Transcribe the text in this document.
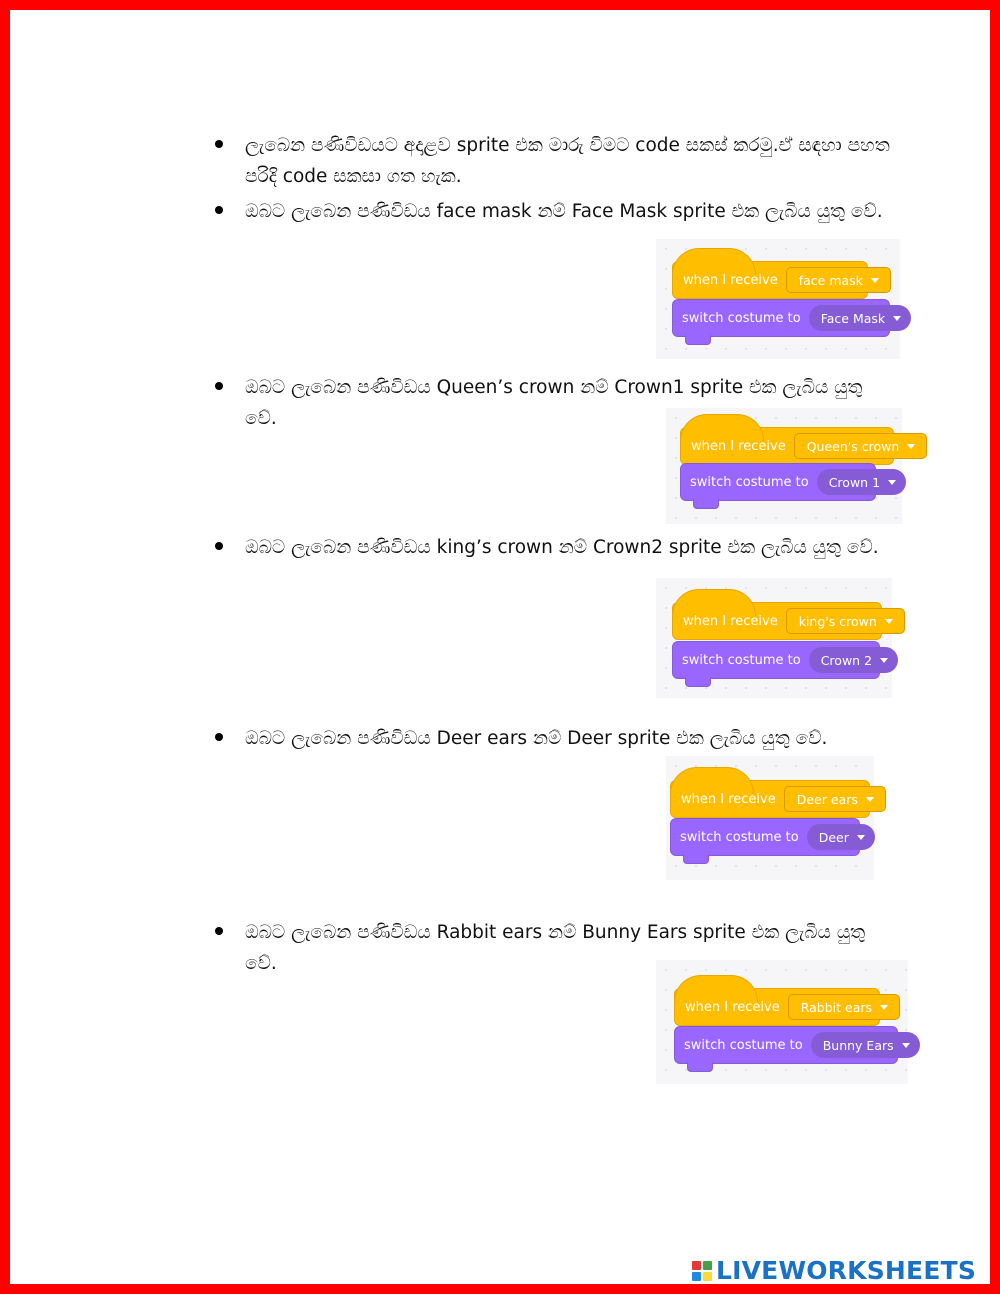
ලැබෙන පණිවිඩයට අදාළව sprite එක මාරු විමට code සකස් කරමු.ඒ සඳහා පහත පරිදි code සකසා ගත හැක.
ඔබට ලැබෙන පණිවිඩය face mask නම් Face Mask sprite එක ලැබිය යුතු වේ.
when I receive face mask
switch costume to Face Mask
ඔබට ලැබෙන පණිවිඩය Queen’s crown නම් Crown1 sprite එක ලැබිය යුතු වේ.
when I receive Queen's crown
switch costume to Crown 1
ඔබට ලැබෙන පණිවිඩය king’s crown නම් Crown2 sprite එක ලැබිය යුතු වේ.
when I receive king's crown
switch costume to Crown 2
ඔබට ලැබෙන පණිවිඩය Deer ears නම් Deer sprite එක ලැබිය යුතු වේ.
when I receive Deer ears
switch costume to Deer
ඔබට ලැබෙන පණිවිඩය Rabbit ears නම් Bunny Ears sprite එක ලැබිය යුතු වේ.
when I receive Rabbit ears
switch costume to Bunny Ears
LIVEWORKSHEETS
